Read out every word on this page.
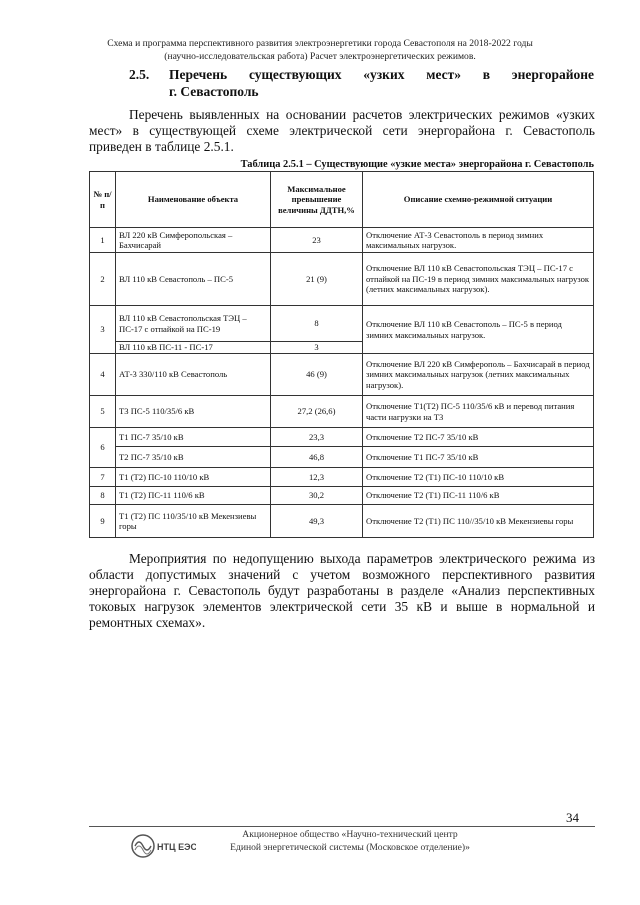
Схема и программа перспективного развития электроэнергетики города Севастополя на 2018-2022 годы
(научно-исследовательская работа) Расчет электроэнергетических режимов.
2.5. Перечень существующих «узких мест» в энергорайоне
г. Севастополь
Перечень выявленных на основании расчетов электрических режимов «узких мест» в существующей схеме электрической сети энергорайона г. Севастополь приведен в таблице 2.5.1.
Таблица 2.5.1 – Существующие «узкие места» энергорайона г. Севастополь
№ п/п	Наименование объекта	Максимальное превышение величины ДДТН,%	Описание схемно-режимной ситуации
1	ВЛ 220 кВ Симферопольская – Бахчисарай	23	Отключение АТ-3 Севастополь в период зимних максимальных нагрузок.
2	ВЛ 110 кВ Севастополь – ПС-5	21 (9)	Отключение ВЛ 110 кВ Севастопольская ТЭЦ – ПС-17 с отпайкой на ПС-19 в период зимних максимальных нагрузок (летних максимальных нагрузок).
3	ВЛ 110 кВ Севастопольская ТЭЦ – ПС-17 с отпайкой на ПС-19	8	Отключение ВЛ 110 кВ Севастополь – ПС-5 в период зимних максимальных нагрузок.
	ВЛ 110 кВ ПС-11 - ПС-17	3	
4	АТ-3 330/110 кВ Севастополь	46 (9)	Отключение ВЛ 220 кВ Симферополь – Бахчисарай в период зимних максимальных нагрузок (летних максимальных нагрузок).
5	Т3 ПС-5 110/35/6 кВ	27,2 (26,6)	Отключение Т1(Т2) ПС-5 110/35/6 кВ и перевод питания части нагрузки на Т3
6	Т1 ПС-7 35/10 кВ	23,3	Отключение Т2 ПС-7 35/10 кВ
	Т2 ПС-7 35/10 кВ	46,8	Отключение Т1 ПС-7 35/10 кВ
7	Т1 (Т2) ПС-10 110/10 кВ	12,3	Отключение Т2 (Т1) ПС-10 110/10 кВ
8	Т1 (Т2) ПС-11 110/6 кВ	30,2	Отключение Т2 (Т1) ПС-11 110/6 кВ
9	Т1 (Т2) ПС 110/35/10 кВ Мекензиевы горы	49,3	Отключение Т2 (Т1) ПС 110//35/10 кВ Мекензиевы горы
Мероприятия по недопущению выхода параметров электрического режима из области допустимых значений с учетом возможного перспективного развития энергорайона г. Севастополь будут разработаны в разделе «Анализ перспективных токовых нагрузок элементов электрической сети 35 кВ и выше в нормальной и ремонтных схемах».
34
НТЦ ЕЭС
Акционерное общество «Научно-технический центр
Единой энергетической системы (Московское отделение)»
